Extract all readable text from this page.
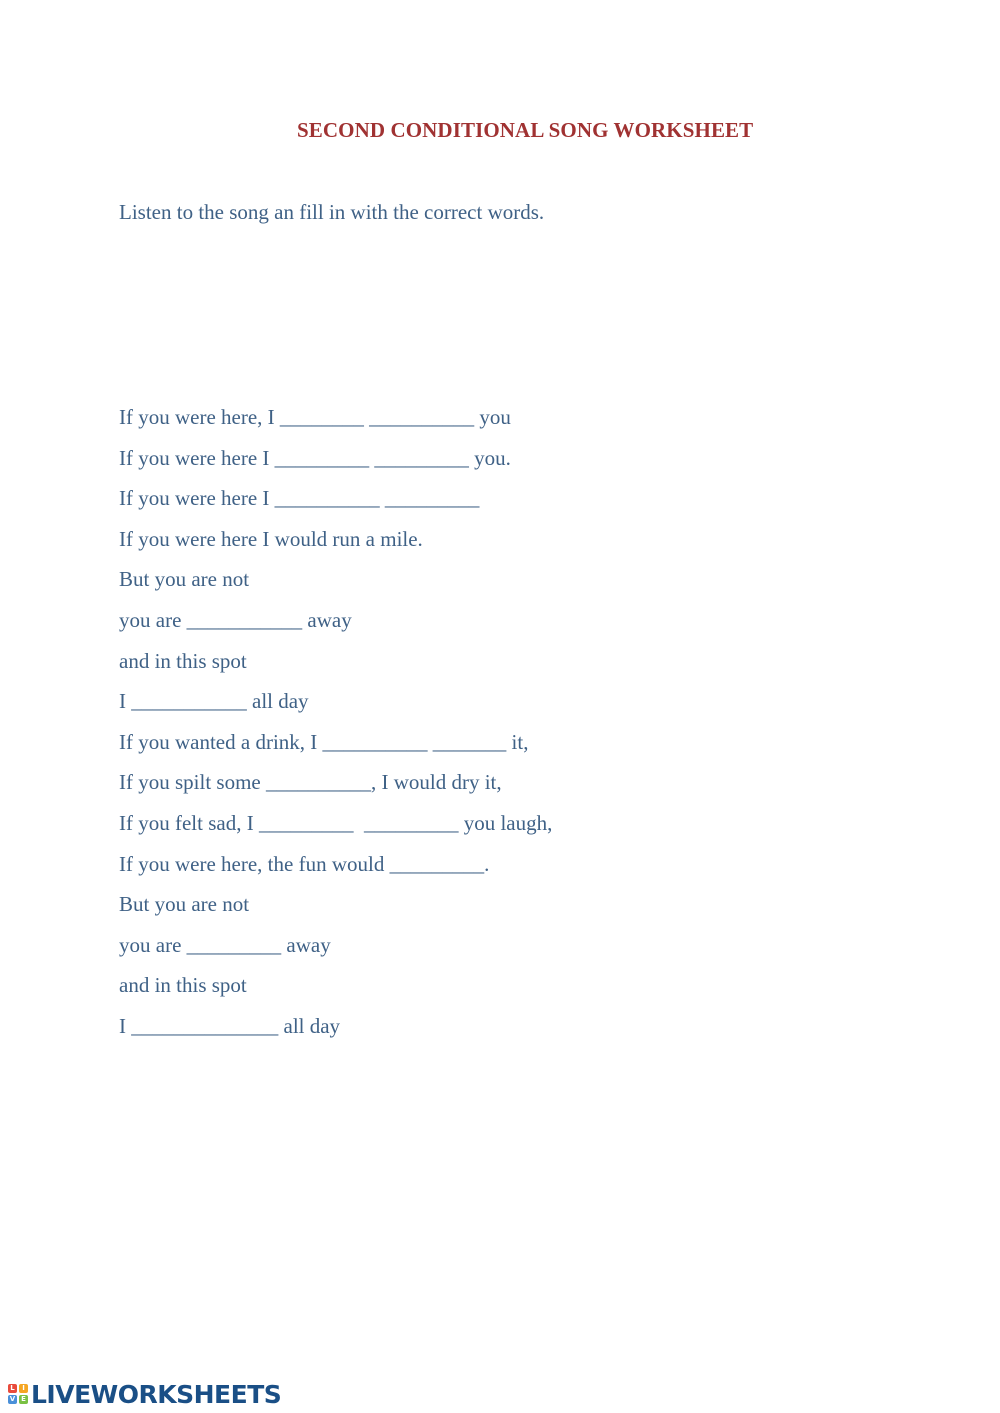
SECOND CONDITIONAL SONG WORKSHEET
Listen to the song an fill in with the correct words.
If you were here, I ________ __________ you
If you were here I _________ _________ you.
If you were here I __________ _________
If you were here I would run a mile.
But you are not
you are ___________ away
and in this spot
I ___________ all day
If you wanted a drink, I __________ _______ it,
If you spilt some __________, I would dry it,
If you felt sad, I _________  _________ you laugh,
If you were here, the fun would _________.
But you are not
you are _________ away
and in this spot
I ______________ all day
L	I
V E LIVEWORKSHEETS
